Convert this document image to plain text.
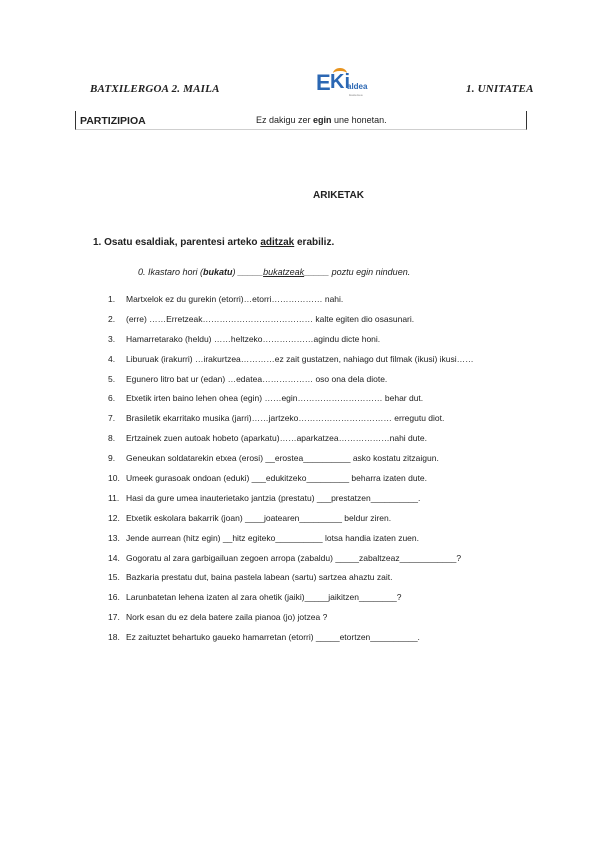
BATXILERGOA 2. MAILA	E Ki
aldea
ikastetxea	1. UNITATEA
PARTIZIPIOA	Ez dakigu zer egin une honetan.
ARIKETAK
1. Osatu esaldiak, parentesi arteko aditzak erabiliz.
0. Ikastaro hori (bukatu) _____bukatzeak_____ poztu egin ninduen.
1. Martxelok ez du gurekin (etorri)…etorri……………… nahi.
2. (erre) ……Erretzeak………………………………… kalte egiten dio osasunari.
3. Hamarretarako (heldu) ……heltzeko………………agindu dicte honi.
4. Liburuak (irakurri) …irakurtzea…………ez zait gustatzen, nahiago dut filmak (ikusi) ikusi……
5. Egunero litro bat ur (edan) …edatea……………… oso ona dela diote.
6. Etxetik irten baino lehen ohea (egin) ……egin………………………… behar dut.
7. Brasiletik ekarritako musika (jarri)……jartzeko…………………………… erregutu diot.
8. Ertzainek zuen autoak hobeto (aparkatu)……aparkatzea………………nahi dute.
9. Geneukan soldatarekin etxea (erosi) __erostea__________ asko kostatu zitzaigun.
10. Umeek gurasoak ondoan (eduki) ___edukitzeko_________ beharra izaten dute.
11. Hasi da gure umea inauterietako jantzia (prestatu) ___prestatzen__________.
12. Etxetik eskolara bakarrik (joan) ____joatearen_________ beldur ziren.
13. Jende aurrean (hitz egin) __hitz egiteko__________ lotsa handia izaten zuen.
14. Gogoratu al zara garbigailuan zegoen arropa (zabaldu) _____zabaltzeaz____________?
15. Bazkaria prestatu dut, baina pastela labean (sartu) sartzea ahaztu zait.
16. Larunbatetan lehena izaten al zara ohetik (jaiki)_____jaikitzen________?
17. Nork esan du ez dela batere zaila pianoa (jo) jotzea ?
18. Ez zaituztet behartuko gaueko hamarretan (etorri) _____etortzen__________.
